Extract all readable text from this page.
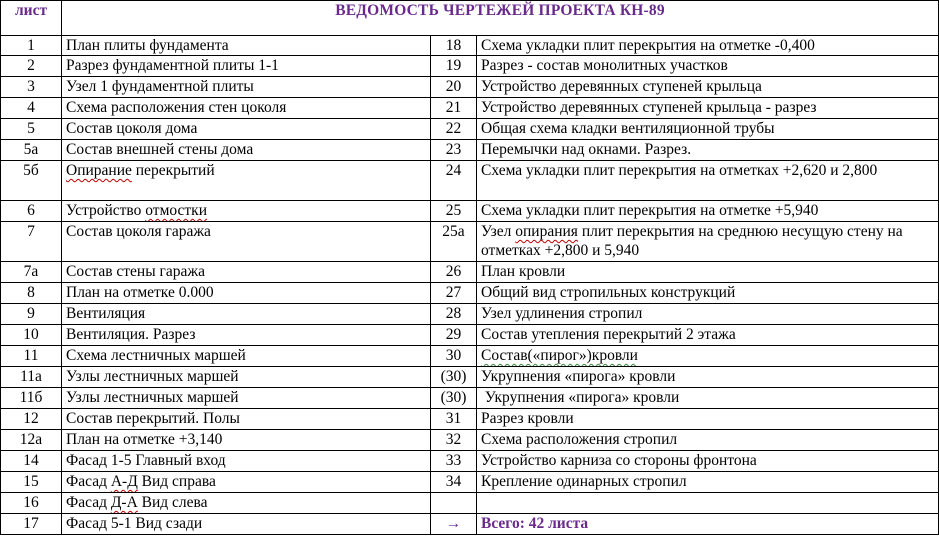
лист	ВЕДОМОСТЬ ЧЕРТЕЖЕЙ ПРОЕКТА КН-89		
1	План плиты фундамента	18	Схема укладки плит перекрытия на отметке -0,400
2	Разрез фундаментной плиты 1-1	19	Разрез - состав монолитных участков
3	Узел 1 фундаментной плиты	20	Устройство деревянных ступеней крыльца
4	Схема расположения стен цоколя	21	Устройство деревянных ступеней крыльца - разрез
5	Состав цоколя дома	22	Общая схема кладки вентиляционной трубы
5а	Состав внешней стены дома	23	Перемычки над окнами. Разрез.
5б	Опирание перекрытий	24	Схема укладки плит перекрытия на отметках +2,620 и 2,800
6	Устройство отмостки	25	Схема укладки плит перекрытия на отметке +5,940
7	Состав цоколя гаража	25а	Узел опирания плит перекрытия на среднюю несущую стену на отметках +2,800 и 5,940
7а	Состав стены гаража	26	План кровли
8	План на отметке 0.000	27	Общий вид стропильных конструкций
9	Вентиляция	28	Узел удлинения стропил
10	Вентиляция. Разрез	29	Состав утепления перекрытий 2 этажа
11	Схема лестничных маршей	30	Состав(«пирог»)кровли
11а	Узлы лестничных маршей	(30)	Укрупнения «пирога» кровли
11б	Узлы лестничных маршей	(30)	Укрупнения «пирога» кровли
12	Состав перекрытий. Полы	31	Разрез кровли
12а	План на отметке +3,140	32	Схема расположения стропил
14	Фасад 1-5 Главный вход	33	Устройство карниза со стороны фронтона
15	Фасад А-Д Вид справа	34	Крепление одинарных стропил
16	Фасад Д-А Вид слева		
17	Фасад 5-1 Вид сзади	→	Всего: 42 листа
